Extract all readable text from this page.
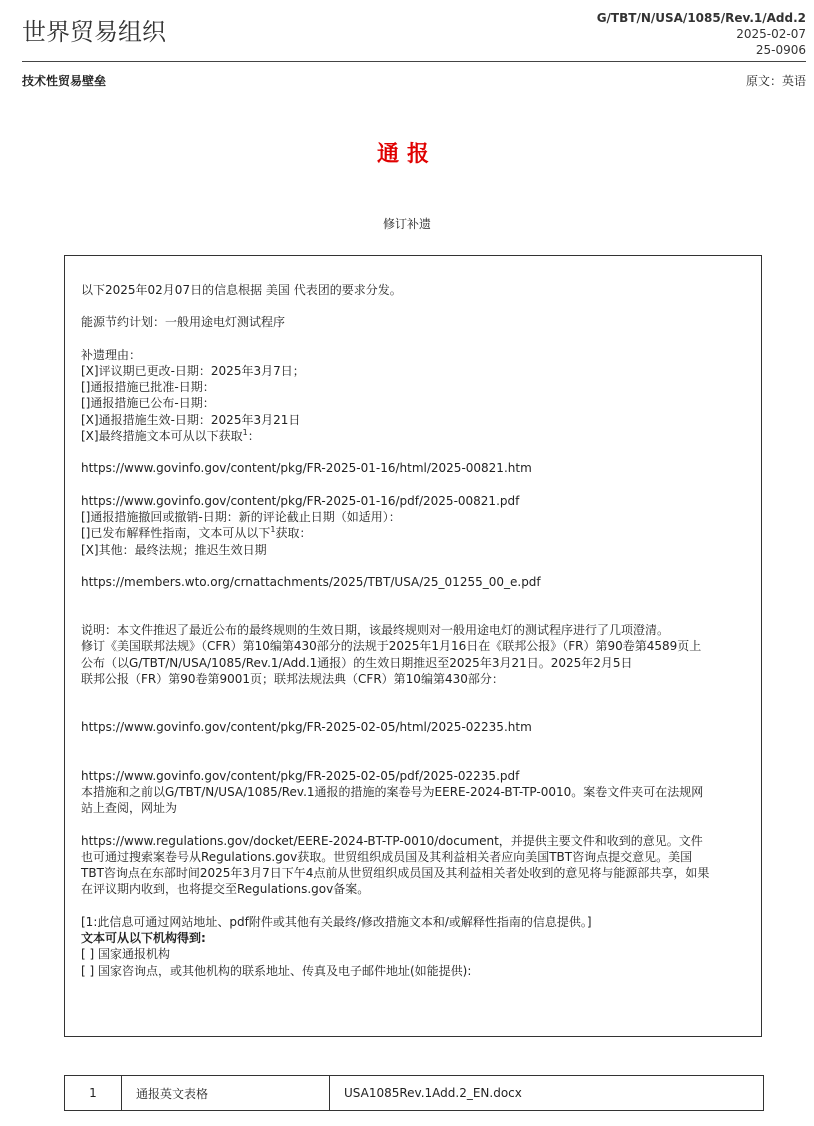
世界贸易组织	G/TBT/N/USA/1085/Rev.1/Add.2
2025-02-07
25-0906
技术性贸易壁垒	原文：英语
通报
修订补遗

以下2025年02月07日的信息根据 美国 代表团的要求分发。

能源节约计划：一般用途电灯测试程序

补遗理由：

[X]评议期已更改-日期：2025年3月7日；

[]通报措施已批准-日期：

[]通报措施已公布-日期：

[X]通报措施生效-日期：2025年3月21日

[X]最终措施文本可从以下获取$^1$：

https://www.govinfo.gov/content/pkg/FR-2025-01-16/html/2025-00821.htm

https://www.govinfo.gov/content/pkg/FR-2025-01-16/pdf/2025-00821.pdf

[]通报措施撤回或撤销-日期：新的评论截止日期（如适用）：

[]已发布解释性指南，文本可从以下$^1$获取：

[X]其他：最终法规；推迟生效日期

https://members.wto.org/crnattachments/2025/TBT/USA/25_01255_00_e.pdf

说明：本文件推迟了最近公布的最终规则的生效日期，该最终规则对一般用途电灯的测试程序进行了几项澄清。

修订《美国联邦法规》（CFR）第10编第430部分的法规于2025年1月16日在《联邦公报》（FR）第90卷第4589页上

公布（以G/TBT/N/USA/1085/Rev.1/Add.1通报）的生效日期推迟至2025年3月21日。2025年2月5日

联邦公报（FR）第90卷第9001页；联邦法规法典（CFR）第10编第430部分：

https://www.govinfo.gov/content/pkg/FR-2025-02-05/html/2025-02235.htm

https://www.govinfo.gov/content/pkg/FR-2025-02-05/pdf/2025-02235.pdf

本措施和之前以G/TBT/N/USA/1085/Rev.1通报的措施的案卷号为EERE-2024-BT-TP-0010。案卷文件夹可在法规网

站上查阅，网址为

https://www.regulations.gov/docket/EERE-2024-BT-TP-0010/document，并提供主要文件和收到的意见。文件

也可通过搜索案卷号从Regulations.gov获取。世贸组织成员国及其利益相关者应向美国TBT咨询点提交意见。美国

TBT咨询点在东部时间2025年3月7日下午4点前从世贸组织成员国及其利益相关者处收到的意见将与能源部共享，如果

在评议期内收到，也将提交至Regulations.gov备案。

[1:此信息可通过网站地址、pdf附件或其他有关最终/修改措施文本和/或解释性指南的信息提供。]

文本可从以下机构得到:

[ ] 国家通报机构

[ ] 国家咨询点，或其他机构的联系地址、传真及电子邮件地址(如能提供):

1	通报英文表格	USA1085Rev.1Add.2_EN.docx
